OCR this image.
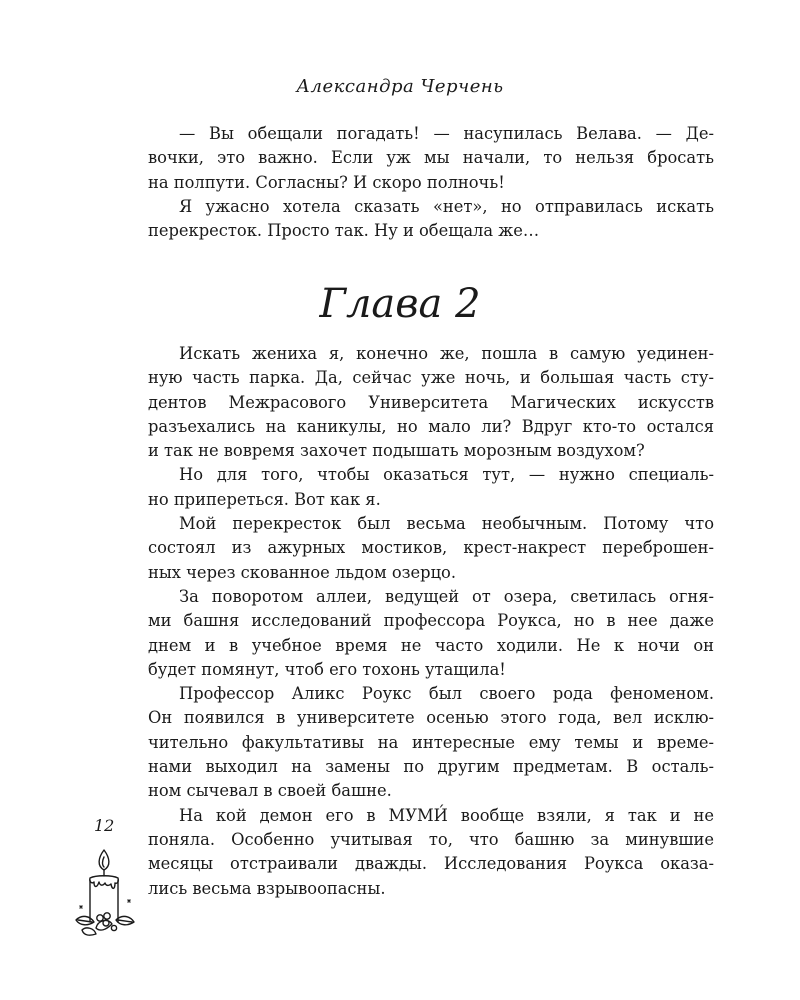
Александра Черчень
— Вы обещали погадать! — насупилась Велава. — Де-
вочки, это важно. Если уж мы начали, то нельзя бросать
на полпути. Согласны? И скоро полночь!
Я ужасно хотела сказать «нет», но отправилась искать
перекресток. Просто так. Ну и обещала же…
Глава 2
Искать жениха я, конечно же, пошла в самую уединен-
ную часть парка. Да, сейчас уже ночь, и большая часть сту-
дентов Межрасового Университета Магических искусств
разъехались на каникулы, но мало ли? Вдруг кто-то остался
и так не вовремя захочет подышать морозным воздухом?
Но для того, чтобы оказаться тут, — нужно специаль-
но припереться. Вот как я.
Мой перекресток был весьма необычным. Потому что
состоял из ажурных мостиков, крест-накрест переброшен-
ных через скованное льдом озерцо.
За поворотом аллеи, ведущей от озера, светилась огня-
ми башня исследований профессора Роукса, но в нее даже
днем и в учебное время не часто ходили. Не к ночи он
будет помянут, чтоб его тохонь утащила!
Профессор Аликс Роукс был своего рода феноменом.
Он появился в университете осенью этого года, вел исклю-
чительно факультативы на интересные ему темы и време-
нами выходил на замены по другим предметам. В осталь-
ном сычевал в своей башне.
На кой демон его в МУМИ́ вообще взяли, я так и не
поняла. Особенно учитывая то, что башню за минувшие
месяцы отстраивали дважды. Исследования Роукса оказа-
лись весьма взрывоопасны.
12
